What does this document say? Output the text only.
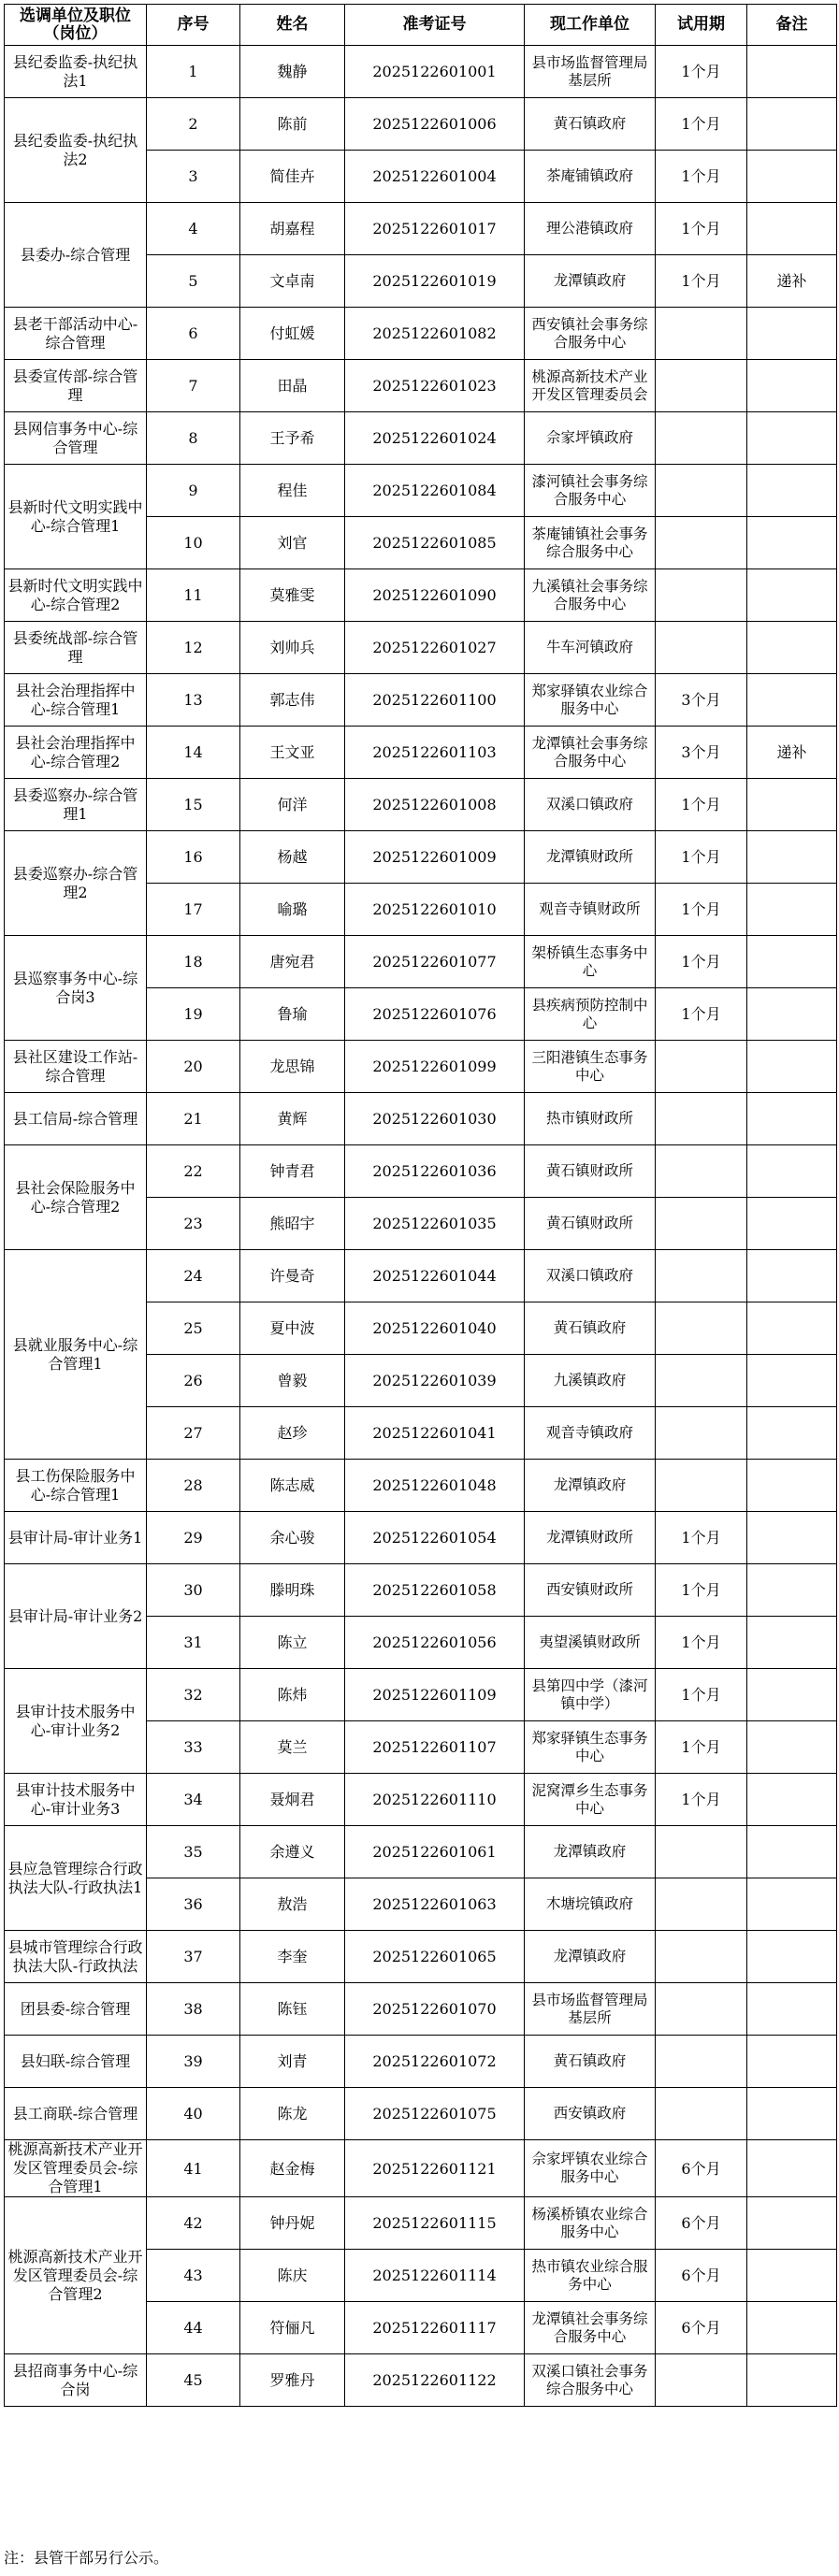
选调单位及职位（岗位）	序号	姓名	准考证号	现工作单位	试用期	备注
县纪委监委-执纪执法1	1	魏静	2025122601001	县市场监督管理局基层所	1个月	
县纪委监委-执纪执法2	2	陈前	2025122601006	黄石镇政府	1个月	
	3	简佳卉	2025122601004	茶庵铺镇政府	1个月	
县委办-综合管理	4	胡嘉程	2025122601017	理公港镇政府	1个月	
	5	文卓南	2025122601019	龙潭镇政府	1个月	递补
县老干部活动中心-综合管理	6	付虹媛	2025122601082	西安镇社会事务综合服务中心		
县委宣传部-综合管理	7	田晶	2025122601023	桃源高新技术产业开发区管理委员会		
县网信事务中心-综合管理	8	王予希	2025122601024	佘家坪镇政府		
县新时代文明实践中心-综合管理1	9	程佳	2025122601084	漆河镇社会事务综合服务中心		
	10	刘官	2025122601085	茶庵铺镇社会事务综合服务中心		
县新时代文明实践中心-综合管理2	11	莫雅雯	2025122601090	九溪镇社会事务综合服务中心		
县委统战部-综合管理	12	刘帅兵	2025122601027	牛车河镇政府		
县社会治理指挥中心-综合管理1	13	郭志伟	2025122601100	郑家驿镇农业综合服务中心	3个月	
县社会治理指挥中心-综合管理2	14	王文亚	2025122601103	龙潭镇社会事务综合服务中心	3个月	递补
县委巡察办-综合管理1	15	何洋	2025122601008	双溪口镇政府	1个月	
县委巡察办-综合管理2	16	杨越	2025122601009	龙潭镇财政所	1个月	
	17	喻璐	2025122601010	观音寺镇财政所	1个月	
县巡察事务中心-综合岗3	18	唐宛君	2025122601077	架桥镇生态事务中心	1个月	
	19	鲁瑜	2025122601076	县疾病预防控制中心	1个月	
县社区建设工作站-综合管理	20	龙思锦	2025122601099	三阳港镇生态事务中心		
县工信局-综合管理	21	黄辉	2025122601030	热市镇财政所		
县社会保险服务中心-综合管理2	22	钟青君	2025122601036	黄石镇财政所		
	23	熊昭宇	2025122601035	黄石镇财政所		
县就业服务中心-综合管理1	24	许曼奇	2025122601044	双溪口镇政府		
	25	夏中波	2025122601040	黄石镇政府		
	26	曾毅	2025122601039	九溪镇政府		
	27	赵珍	2025122601041	观音寺镇政府		
县工伤保险服务中心-综合管理1	28	陈志威	2025122601048	龙潭镇政府		
县审计局-审计业务1	29	余心骏	2025122601054	龙潭镇财政所	1个月	
县审计局-审计业务2	30	滕明珠	2025122601058	西安镇财政所	1个月	
	31	陈立	2025122601056	夷望溪镇财政所	1个月	
县审计技术服务中心-审计业务2	32	陈炜	2025122601109	县第四中学（漆河镇中学）	1个月	
	33	莫兰	2025122601107	郑家驿镇生态事务中心	1个月	
县审计技术服务中心-审计业务3	34	聂炯君	2025122601110	泥窝潭乡生态事务中心	1个月	
县应急管理综合行政执法大队-行政执法1	35	余遵义	2025122601061	龙潭镇政府		
	36	敖浩	2025122601063	木塘垸镇政府		
县城市管理综合行政执法大队-行政执法	37	李奎	2025122601065	龙潭镇政府		
团县委-综合管理	38	陈钰	2025122601070	县市场监督管理局基层所		
县妇联-综合管理	39	刘青	2025122601072	黄石镇政府		
县工商联-综合管理	40	陈龙	2025122601075	西安镇政府		
桃源高新技术产业开发区管理委员会-综合管理1	41	赵金梅	2025122601121	佘家坪镇农业综合服务中心	6个月	
桃源高新技术产业开发区管理委员会-综合管理2	42	钟丹妮	2025122601115	杨溪桥镇农业综合服务中心	6个月	
	43	陈庆	2025122601114	热市镇农业综合服务中心	6个月	
	44	符俪凡	2025122601117	龙潭镇社会事务综合服务中心	6个月	
县招商事务中心-综合岗	45	罗雅丹	2025122601122	双溪口镇社会事务综合服务中心		
注：县管干部另行公示。
